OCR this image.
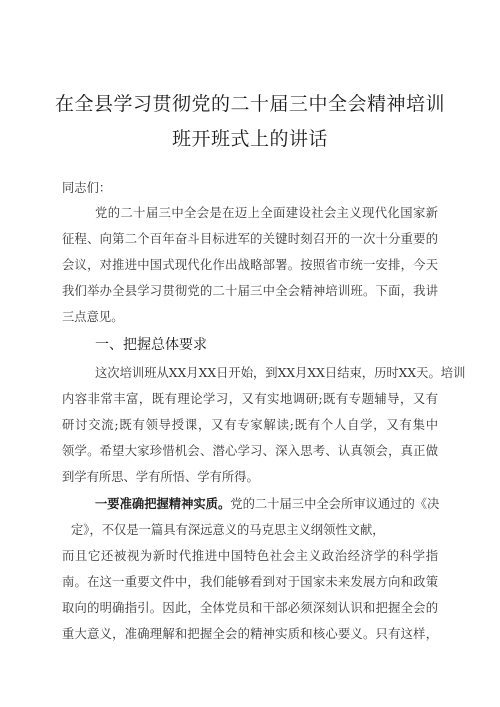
在全县学习贯彻党的二十届三中全会精神培训
班开班式上的讲话
同志们：
党的二十届三中全会是在迈上全面建设社会主义现代化国家新
征程、向第二个百年奋斗目标进军的关键时刻召开的一次十分重要的
会议，对推进中国式现代化作出战略部署。按照省市统一安排，今天
我们举办全县学习贯彻党的二十届三中全会精神培训班。下面，我讲
三点意见。
一、把握总体要求
这次培训班从XX月XX日开始，到XX月XX日结束，历时XX天。培训
内容非常丰富，既有理论学习，又有实地调研;既有专题辅导，又有
研讨交流;既有领导授课，又有专家解读;既有个人自学，又有集中
领学。希望大家珍惜机会、潜心学习、深入思考、认真领会，真正做
到学有所思、学有所悟、学有所得。
一要准确把握精神实质。党的二十届三中全会所审议通过的《决
定》，不仅是一篇具有深远意义的马克思主义纲领性文献，
而且它还被视为新时代推进中国特色社会主义政治经济学的科学指
南。在这一重要文件中，我们能够看到对于国家未来发展方向和政策
取向的明确指引。因此，全体党员和干部必须深刻认识和把握全会的
重大意义，准确理解和把握全会的精神实质和核心要义。只有这样，
